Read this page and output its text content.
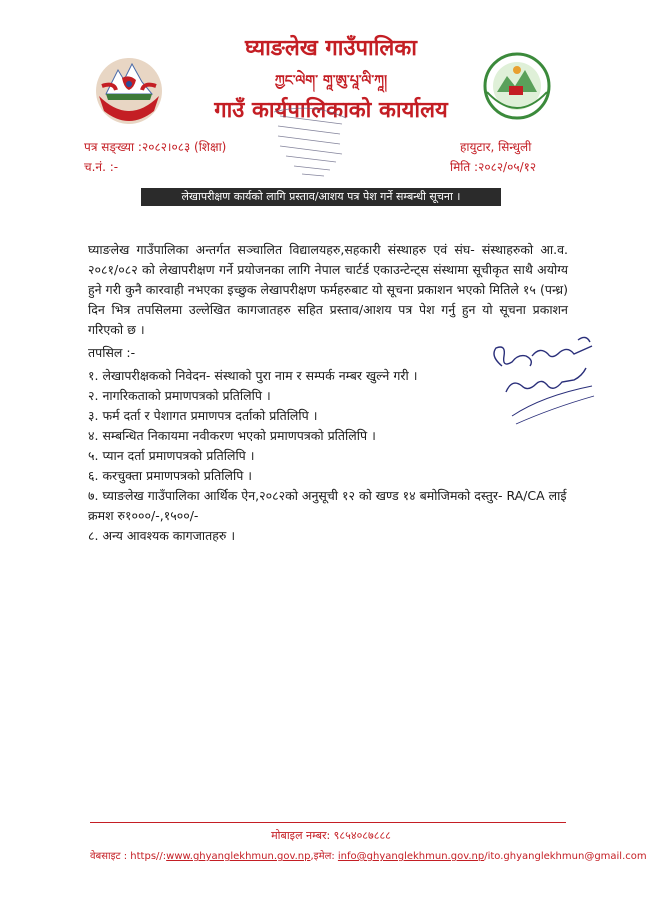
घ्याङलेख गाउँपालिका
ཀྱང་ལེག་ གཱ་ཨུ་པཱ་ལི་ཀཱ།
गाउँ कार्यपालिकाको कार्यालय
पत्र सङ्ख्या :२०८२।०८३ (शिक्षा)
च.नं. :-
हायुटार, सिन्धुली
मिति :२०८२/०५/१२
लेखापरीक्षण कार्यको लागि प्रस्ताव/आशय पत्र पेश गर्ने सम्बन्धी सूचना ।
घ्याङलेख गाउँपालिका अन्तर्गत सञ्चालित विद्यालयहरु,सहकारी संस्थाहरु एवं संघ- संस्थाहरुको आ.व. २०८१/०८२ को लेखापरीक्षण गर्ने प्रयोजनका लागि नेपाल चार्टर्ड एकाउन्टेन्ट्स संस्थामा सूचीकृत साथै अयोग्य हुने गरी कुनै कारवाही नभएका इच्छुक लेखापरीक्षण फर्महरुबाट यो सूचना प्रकाशन भएको मितिले १५ (पन्ध्र) दिन भित्र तपसिलमा उल्लेखित कागजातहरु सहित प्रस्ताव/आशय पत्र पेश गर्नु हुन यो सूचना प्रकाशन गरिएको छ ।
तपसिल :-
१. लेखापरीक्षकको निवेदन- संस्थाको पुरा नाम र सम्पर्क नम्बर खुल्ने गरी ।
२. नागरिकताको प्रमाणपत्रको प्रतिलिपि ।
३. फर्म दर्ता र पेशागत प्रमाणपत्र दर्ताको प्रतिलिपि ।
४. सम्बन्धित निकायमा नवीकरण भएको प्रमाणपत्रको प्रतिलिपि ।
५. प्यान दर्ता प्रमाणपत्रको प्रतिलिपि ।
६. करचुक्ता प्रमाणपत्रको प्रतिलिपि ।
७. घ्याङलेख गाउँपालिका आर्थिक ऐन,२०८२को अनुसूची १२ को खण्ड १४ बमोजिमको दस्तुर- RA/CA लाई क्रमश रु१०००/-,१५००/-
८. अन्य आवश्यक कागजातहरु ।
मोबाइल नम्बर: ९८५४०८७८८८
वेबसाइट : https//:www.ghyanglekhmun.gov.np,इमेल: info@ghyanglekhmun.gov.np/ito.ghyanglekhmun@gmail.com
